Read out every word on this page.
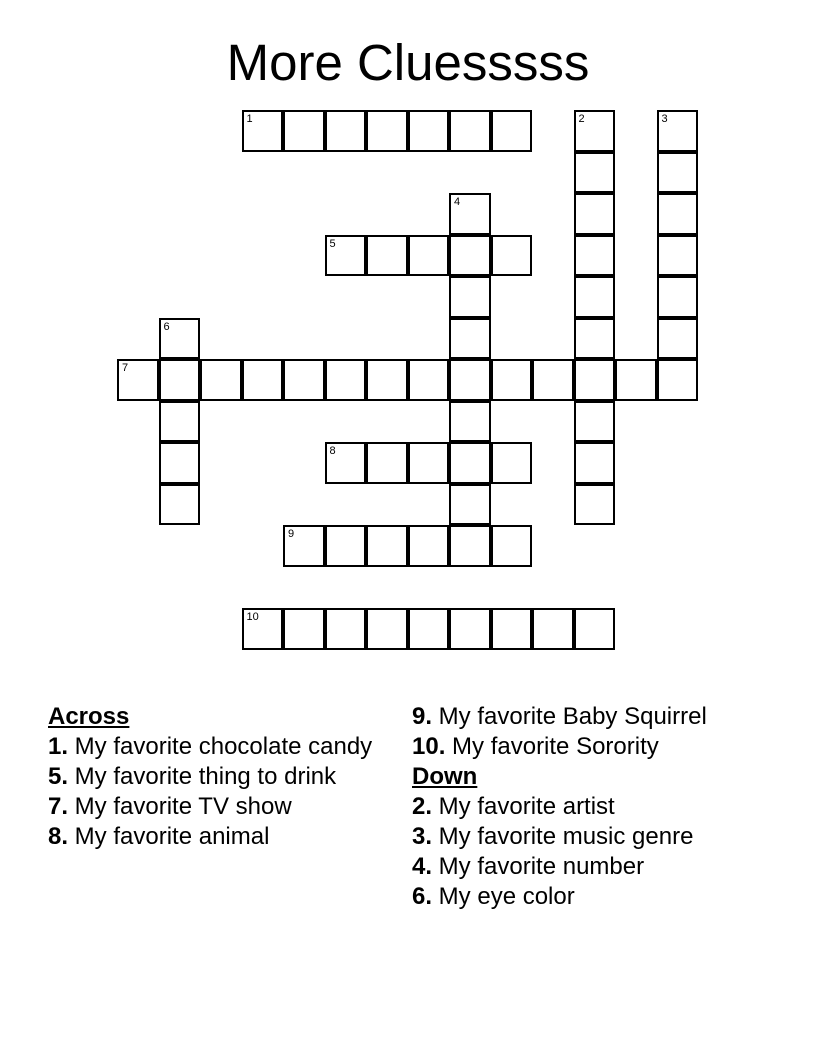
More Cluesssss
1	2	3
4
5
6
7
8
9
10
Across
1. My favorite chocolate candy
5. My favorite thing to drink
7. My favorite TV show
8. My favorite animal
9. My favorite Baby Squirrel
10. My favorite Sorority
Down
2. My favorite artist
3. My favorite music genre
4. My favorite number
6. My eye color
